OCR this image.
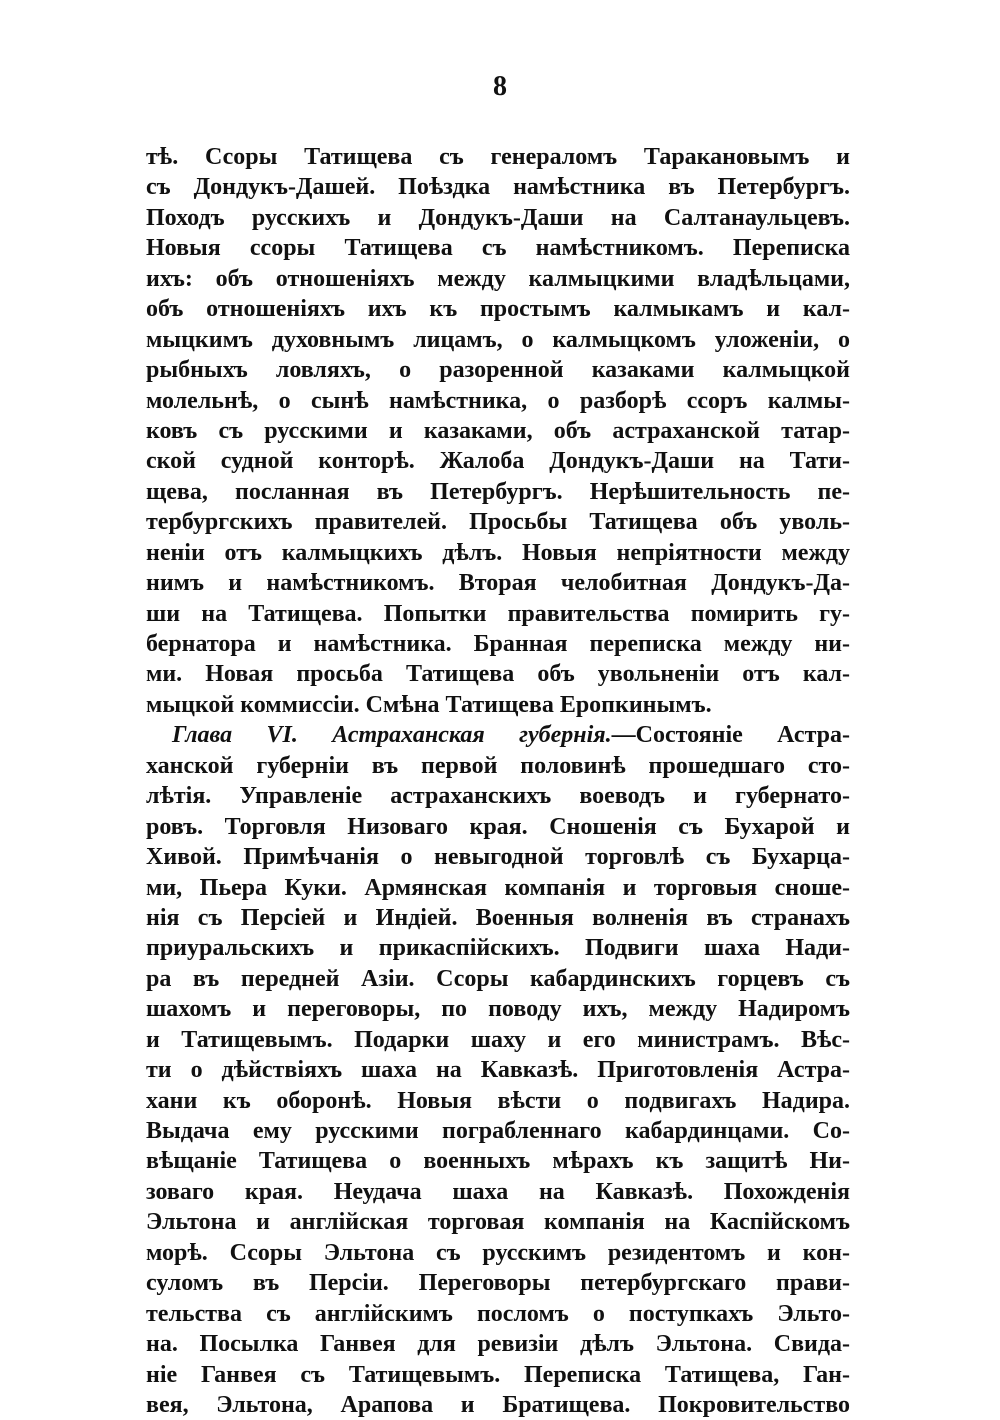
8
тѣ. Ссоры Татищева съ генераломъ Таракановымъ и
съ Дондукъ-Дашей. Поѣздка намѣстника въ Петербургъ.
Походъ русскихъ и Дондукъ-Даши на Салтанаульцевъ.
Новыя ссоры Татищева съ намѣстникомъ. Переписка
ихъ: объ отношеніяхъ между калмыцкими владѣльцами,
объ отношеніяхъ ихъ къ простымъ калмыкамъ и кал-
мыцкимъ духовнымъ лицамъ, о калмыцкомъ уложеніи, о
рыбныхъ ловляхъ, о разоренной казаками калмыцкой
молельнѣ, о сынѣ намѣстника, о разборѣ ссоръ калмы-
ковъ съ русскими и казаками, объ астраханской татар-
ской судной конторѣ. Жалоба Дондукъ-Даши на Тати-
щева, посланная въ Петербургъ. Нерѣшительность пе-
тербургскихъ правителей. Просьбы Татищева объ уволь-
неніи отъ калмыцкихъ дѣлъ. Новыя непріятности между
нимъ и намѣстникомъ. Вторая челобитная Дондукъ-Да-
ши на Татищева. Попытки правительства помирить гу-
бернатора и намѣстника. Бранная переписка между ни-
ми. Новая просьба Татищева объ увольненіи отъ кал-
мыцкой коммиссіи. Смѣна Татищева Еропкинымъ.
Глава VI. Астраханская губернія.—Состояніе Астра-
ханской губерніи въ первой половинѣ прошедшаго сто-
лѣтія. Управленіе астраханскихъ воеводъ и губернато-
ровъ. Торговля Низоваго края. Сношенія съ Бухарой и
Хивой. Примѣчанія о невыгодной торговлѣ съ Бухарца-
ми, Пьера Куки. Армянская компанія и торговыя сноше-
нія съ Персіей и Индіей. Военныя волненія въ странахъ
приуральскихъ и прикаспійскихъ. Подвиги шаха Нади-
ра въ передней Азіи. Ссоры кабардинскихъ горцевъ съ
шахомъ и переговоры, по поводу ихъ, между Надиромъ
и Татищевымъ. Подарки шаху и его министрамъ. Вѣс-
ти о дѣйствіяхъ шаха на Кавказѣ. Приготовленія Астра-
хани къ оборонѣ. Новыя вѣсти о подвигахъ Надира.
Выдача ему русскими пограбленнаго кабардинцами. Со-
вѣщаніе Татищева о военныхъ мѣрахъ къ защитѣ Ни-
зоваго края. Неудача шаха на Кавказѣ. Похожденія
Эльтона и англійская торговая компанія на Каспійскомъ
морѣ. Ссоры Эльтона съ русскимъ резидентомъ и кон-
суломъ въ Персіи. Переговоры петербургскаго прави-
тельства съ англійскимъ посломъ о поступкахъ Эльто-
на. Посылка Ганвея для ревизіи дѣлъ Эльтона. Свида-
ніе Ганвея съ Татищевымъ. Переписка Татищева, Ган-
вея, Эльтона, Арапова и Братищева. Покровительство
